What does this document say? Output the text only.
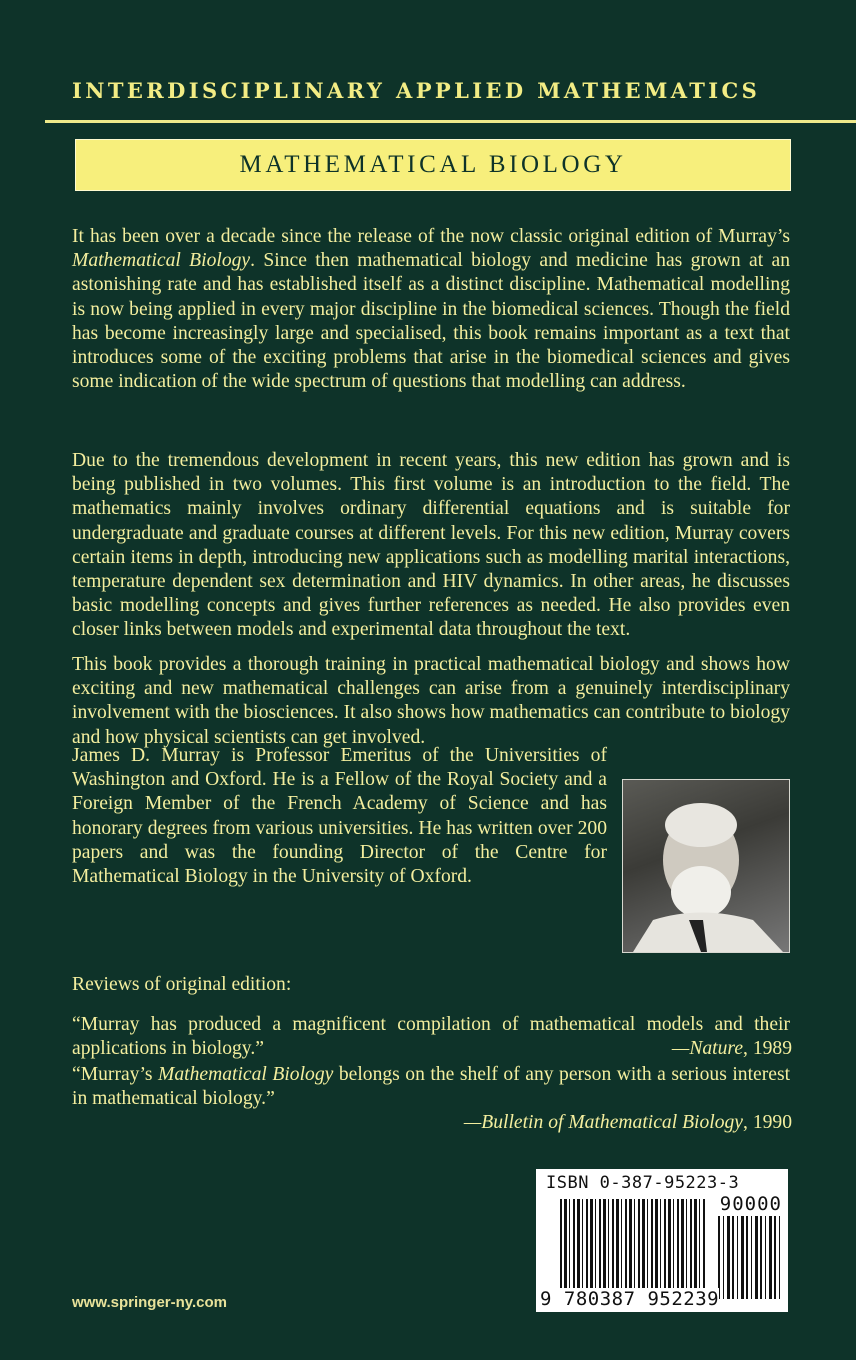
INTERDISCIPLINARY APPLIED MATHEMATICS
MATHEMATICAL BIOLOGY

It has been over a decade since the release of the now classic original edition of Murray’s Mathematical Biology. Since then mathematical biology and medicine has grown at an astonishing rate and has established itself as a distinct discipline. Mathematical modelling is now being applied in every major discipline in the biomedical sciences. Though the field has become increasingly large and specialised, this book remains important as a text that introduces some of the exciting problems that arise in the biomedical sciences and gives some indication of the wide spectrum of questions that modelling can address.

Due to the tremendous development in recent years, this new edition has grown and is being published in two volumes. This first volume is an introduction to the field. The mathematics mainly involves ordinary differential equations and is suitable for undergraduate and graduate courses at different levels. For this new edition, Murray covers certain items in depth, introducing new applications such as modelling marital interactions, temperature dependent sex determination and HIV dynamics. In other areas, he discusses basic modelling concepts and gives further references as needed. He also provides even closer links between models and experimental data throughout the text.

This book provides a thorough training in practical mathematical biology and shows how exciting and new mathematical challenges can arise from a genuinely interdisciplinary involvement with the biosciences. It also shows how mathematics can contribute to biology and how physical scientists can get involved.

James D. Murray is Professor Emeritus of the Universities of Washington and Oxford. He is a Fellow of the Royal Society and a Foreign Member of the French Academy of Science and has honorary degrees from various universities. He has written over 200 papers and was the founding Director of the Centre for Mathematical Biology in the University of Oxford.

Reviews of original edition:

“Murray has produced a magnificent compilation of mathematical models and their applications in biology.”	—Nature, 1989

“Murray’s Mathematical Biology belongs on the shelf of any person with a serious interest in mathematical biology.”

—Bulletin of Mathematical Biology, 1990

www.springer-ny.com
ISBN 0-387-95223-3
90000
9 780387 952239
